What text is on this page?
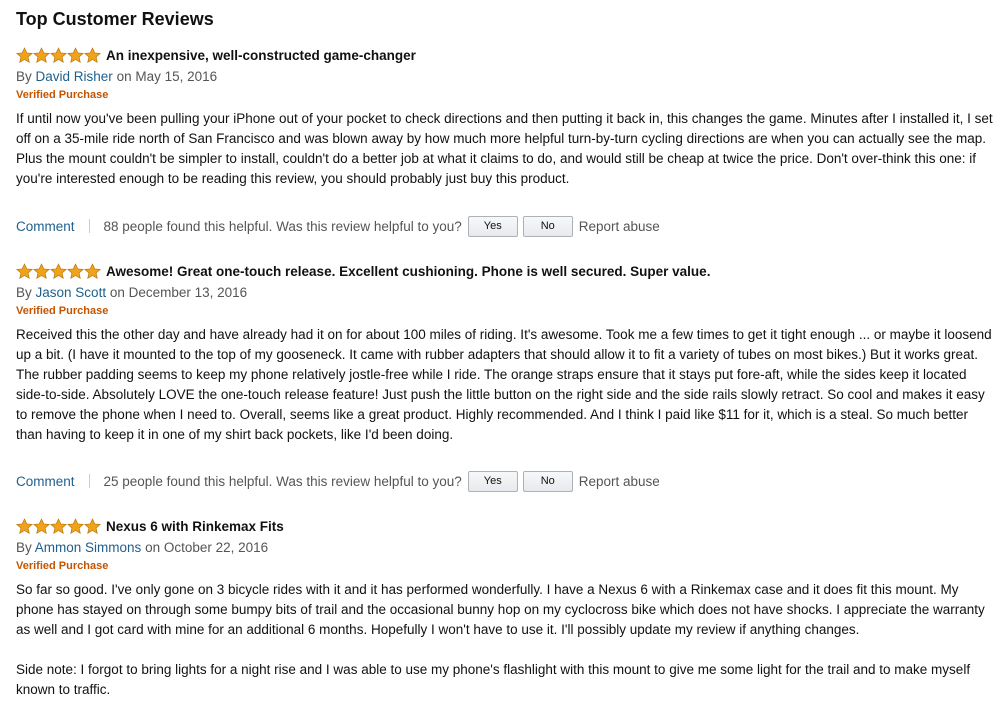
Top Customer Reviews
An inexpensive, well-constructed game-changer
By David Risher on May 15, 2016
Verified Purchase

If until now you've been pulling your iPhone out of your pocket to check directions and then putting it back in, this changes the game. Minutes after I installed it, I set off on a 35-mile ride north of San Francisco and was blown away by how much more helpful turn-by-turn cycling directions are when you can actually see the map. Plus the mount couldn't be simpler to install, couldn't do a better job at what it claims to do, and would still be cheap at twice the price. Don't over-think this one: if you're interested enough to be reading this review, you should probably just buy this product.

Comment 88 people found this helpful. Was this review helpful to you?	Yes	No	Report abuse
Awesome! Great one-touch release. Excellent cushioning. Phone is well secured. Super value.
By Jason Scott on December 13, 2016
Verified Purchase

Received this the other day and have already had it on for about 100 miles of riding. It's awesome. Took me a few times to get it tight enough ... or maybe it loosend up a bit. (I have it mounted to the top of my gooseneck. It came with rubber adapters that should allow it to fit a variety of tubes on most bikes.) But it works great. The rubber padding seems to keep my phone relatively jostle-free while I ride. The orange straps ensure that it stays put fore-aft, while the sides keep it located side-to-side. Absolutely LOVE the one-touch release feature! Just push the little button on the right side and the side rails slowly retract. So cool and makes it easy to remove the phone when I need to. Overall, seems like a great product. Highly recommended. And I think I paid like $11 for it, which is a steal. So much better than having to keep it in one of my shirt back pockets, like I'd been doing.

Comment 25 people found this helpful. Was this review helpful to you?	Yes	No	Report abuse
Nexus 6 with Rinkemax Fits
By Ammon Simmons on October 22, 2016
Verified Purchase

So far so good. I've only gone on 3 bicycle rides with it and it has performed wonderfully. I have a Nexus 6 with a Rinkemax case and it does fit this mount. My phone has stayed on through some bumpy bits of trail and the occasional bunny hop on my cyclocross bike which does not have shocks. I appreciate the warranty as well and I got card with mine for an additional 6 months. Hopefully I won't have to use it. I'll possibly update my review if anything changes.

Side note: I forgot to bring lights for a night rise and I was able to use my phone's flashlight with this mount to give me some light for the trail and to make myself known to traffic.
